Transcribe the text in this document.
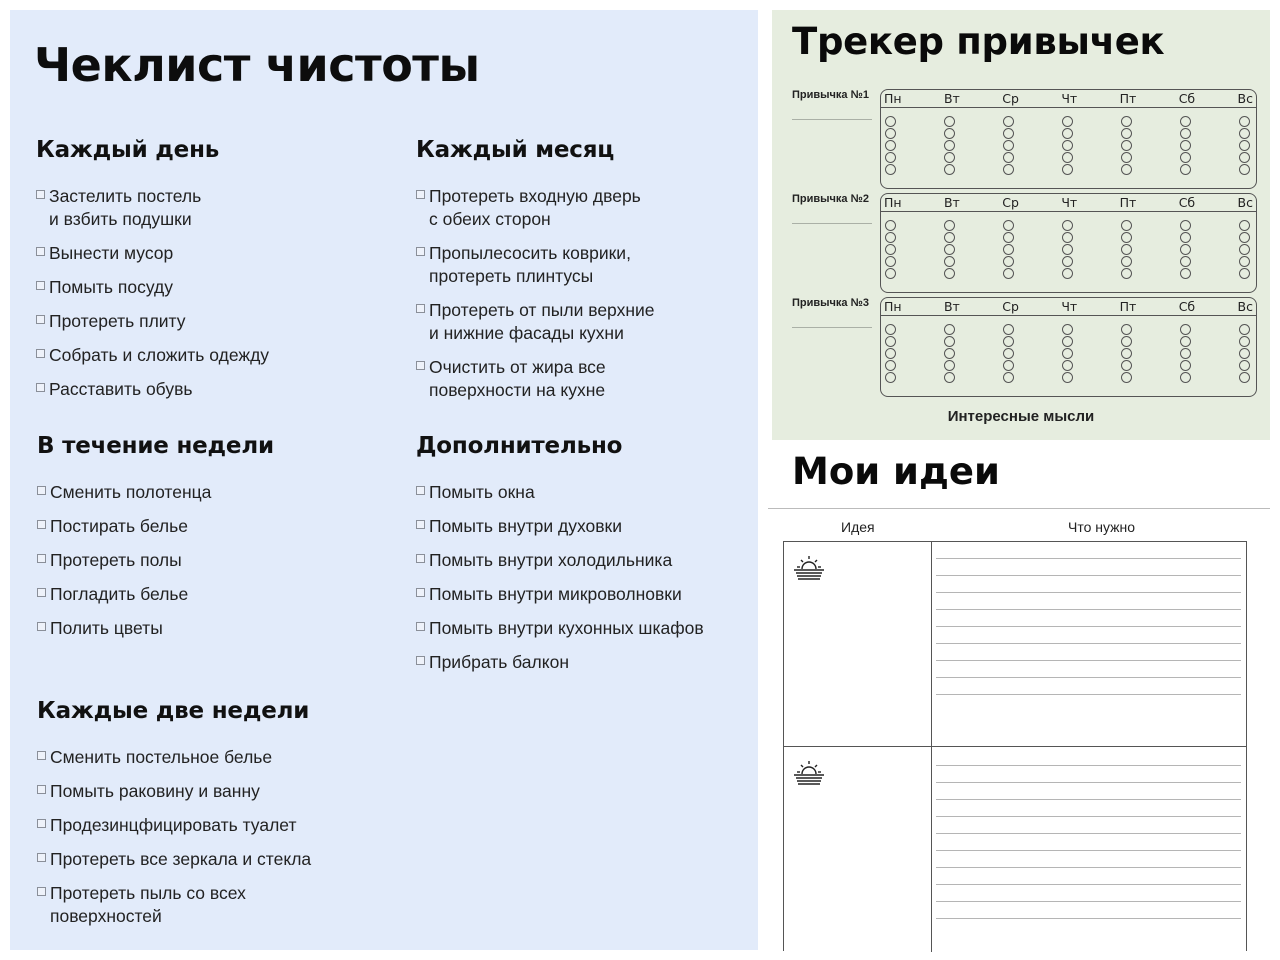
Чеклист чистоты
Каждый день
Застелить постель
и взбить подушки
Вынести мусор
Помыть посуду
Протереть плиту
Собрать и сложить одежду
Расставить обувь
Каждый месяц
Протереть входную дверь
с обеих сторон
Пропылесосить коврики,
протереть плинтусы
Протереть от пыли верхние
и нижние фасады кухни
Очистить от жира все
поверхности на кухне
В течение недели
Сменить полотенца
Постирать белье
Протереть полы
Погладить белье
Полить цветы
Дополнительно
Помыть окна
Помыть внутри духовки
Помыть внутри холодильника
Помыть внутри микроволновки
Помыть внутри кухонных шкафов
Прибрать балкон
Каждые две недели
Сменить постельное белье
Помыть раковину и ванну
Продезинцфицировать туалет
Протереть все зеркала и стекла
Протереть пыль со всех
поверхностей
Трекер привычек
Привычка №1 Пн	Вт	Ср	Чт	Пт	Сб	Вс
Привычка №2 Пн	Вт	Ср	Чт	Пт	Сб	Вс
Привычка №3 Пн	Вт	Ср	Чт	Пт	Сб	Вс
Интересные мысли
Мои идеи
Идея	Что нужно
